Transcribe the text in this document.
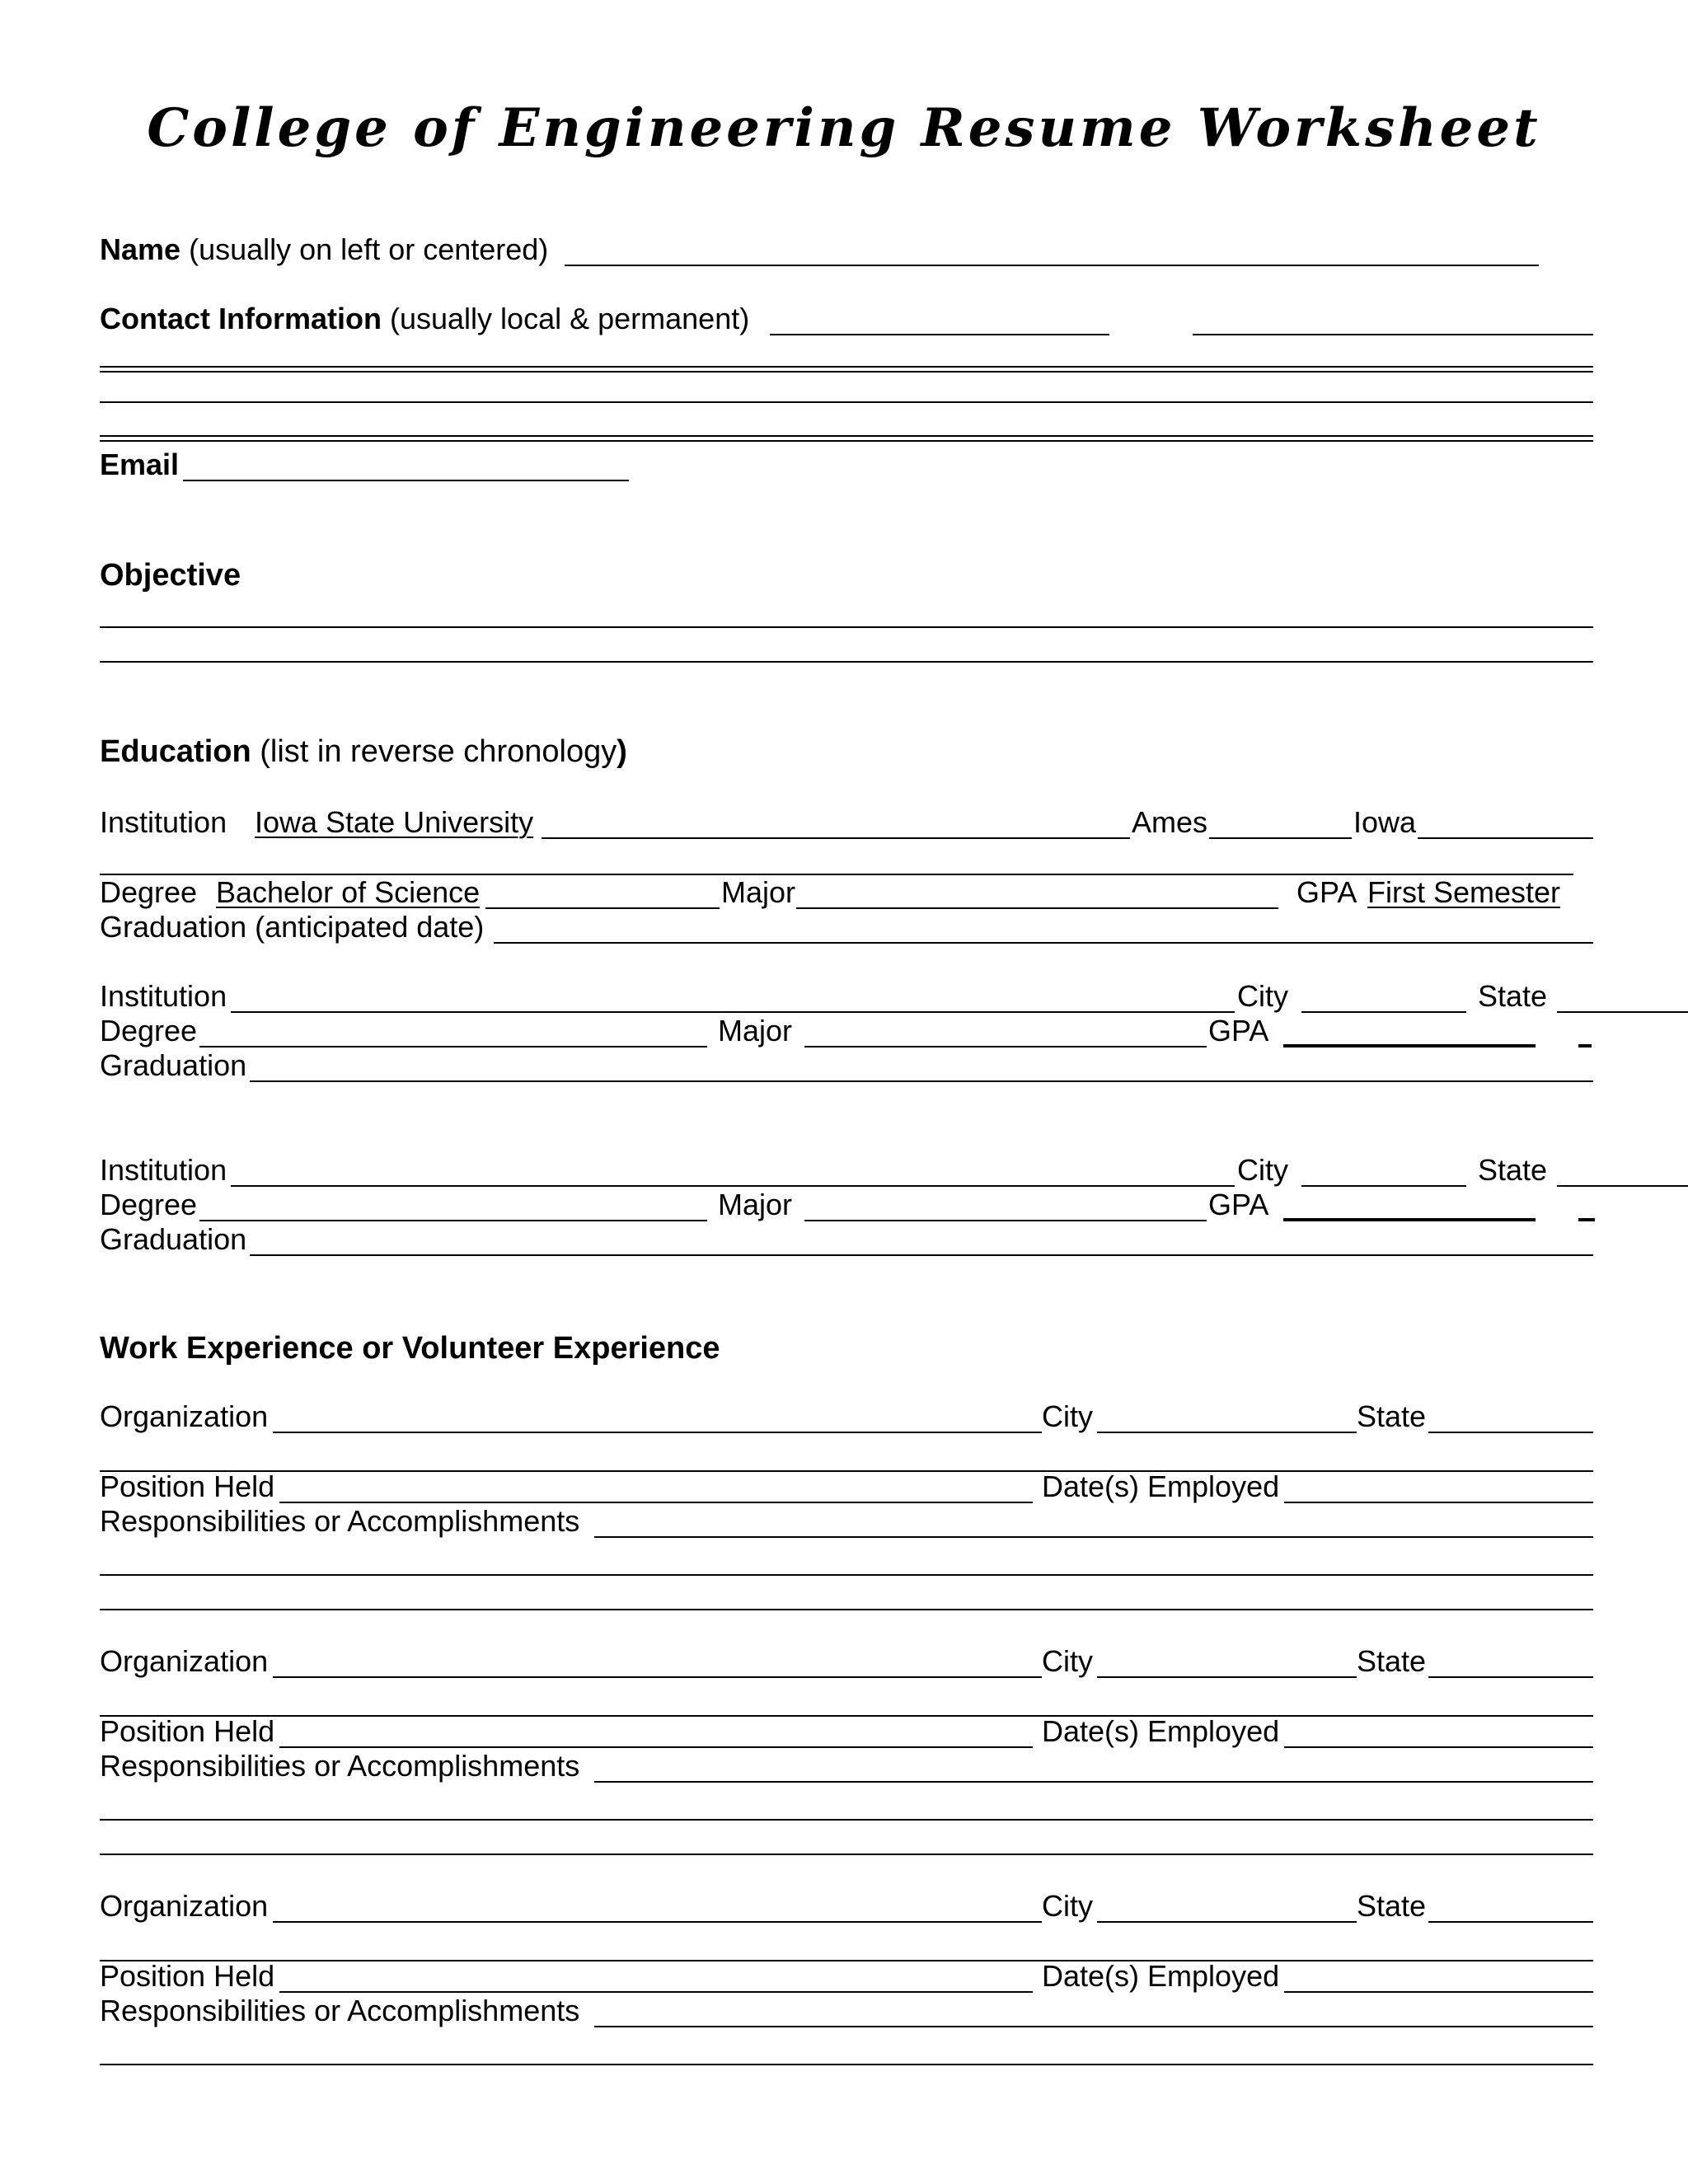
College of Engineering Resume Worksheet
Name (usually on left or centered)
Contact Information (usually local & permanent)
Email
Objective
Education (list in reverse chronology)
Institution Iowa State University	Ames	Iowa
Degree Bachelor of Science	Major	GPA First Semester
Graduation (anticipated date)
Institution	City	State
Degree	Major	GPA
Graduation
Institution	City	State
Degree	Major	GPA
Graduation
Work Experience or Volunteer Experience
Organization	City	State
Position Held	Date(s) Employed
Responsibilities or Accomplishments
Organization	City	State
Position Held	Date(s) Employed
Responsibilities or Accomplishments
Organization	City	State
Position Held	Date(s) Employed
Responsibilities or Accomplishments
